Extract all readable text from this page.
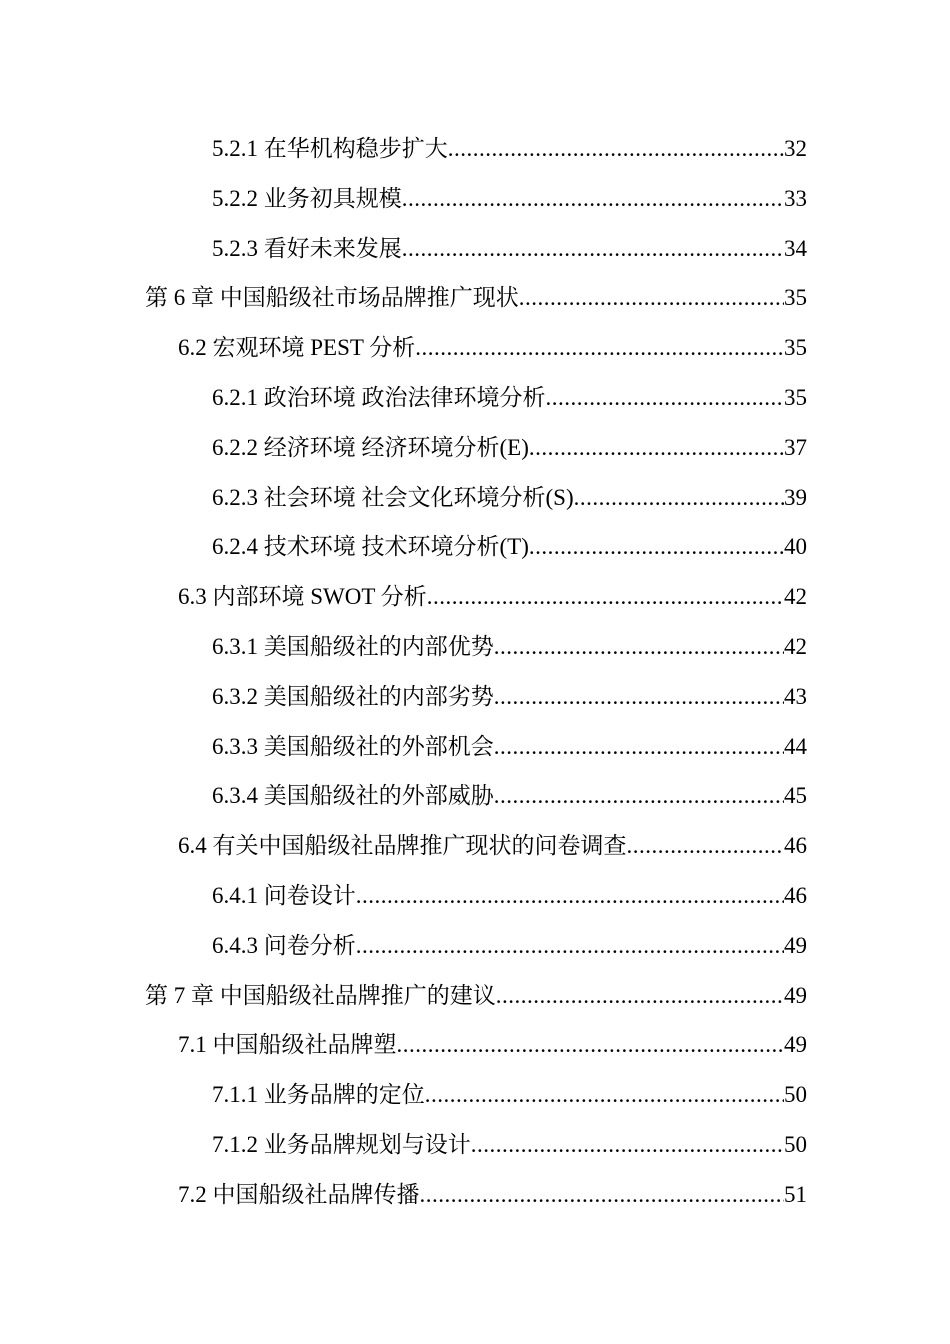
5.2.1 在华机构稳步扩大 .....	32
5.2.2 业务初具规模 .....	33
5.2.3 看好未来发展 .....	34
第 6 章 中国船级社市场品牌推广现状 .....	35
6.2 宏观环境 PEST 分析 .....	35
6.2.1 政治环境 政治法律环境分析 .....	35
6.2.2 经济环境 经济环境分析(E) .....	37
6.2.3 社会环境 社会文化环境分析(S) .....	39
6.2.4 技术环境 技术环境分析(T) .....	40
6.3 内部环境 SWOT 分析 .....	42
6.3.1 美国船级社的内部优势 .....	42
6.3.2 美国船级社的内部劣势 .....	43
6.3.3 美国船级社的外部机会 .....	44
6.3.4 美国船级社的外部威胁 .....	45
6.4 有关中国船级社品牌推广现状的问卷调查 .....	46
6.4.1 问卷设计 .....	46
6.4.3 问卷分析 .....	49
第 7 章 中国船级社品牌推广的建议 .....	49
7.1 中国船级社品牌塑 .....	49
7.1.1 业务品牌的定位 .....	50
7.1.2 业务品牌规划与设计 .....	50
7.2 中国船级社品牌传播 .....	51
